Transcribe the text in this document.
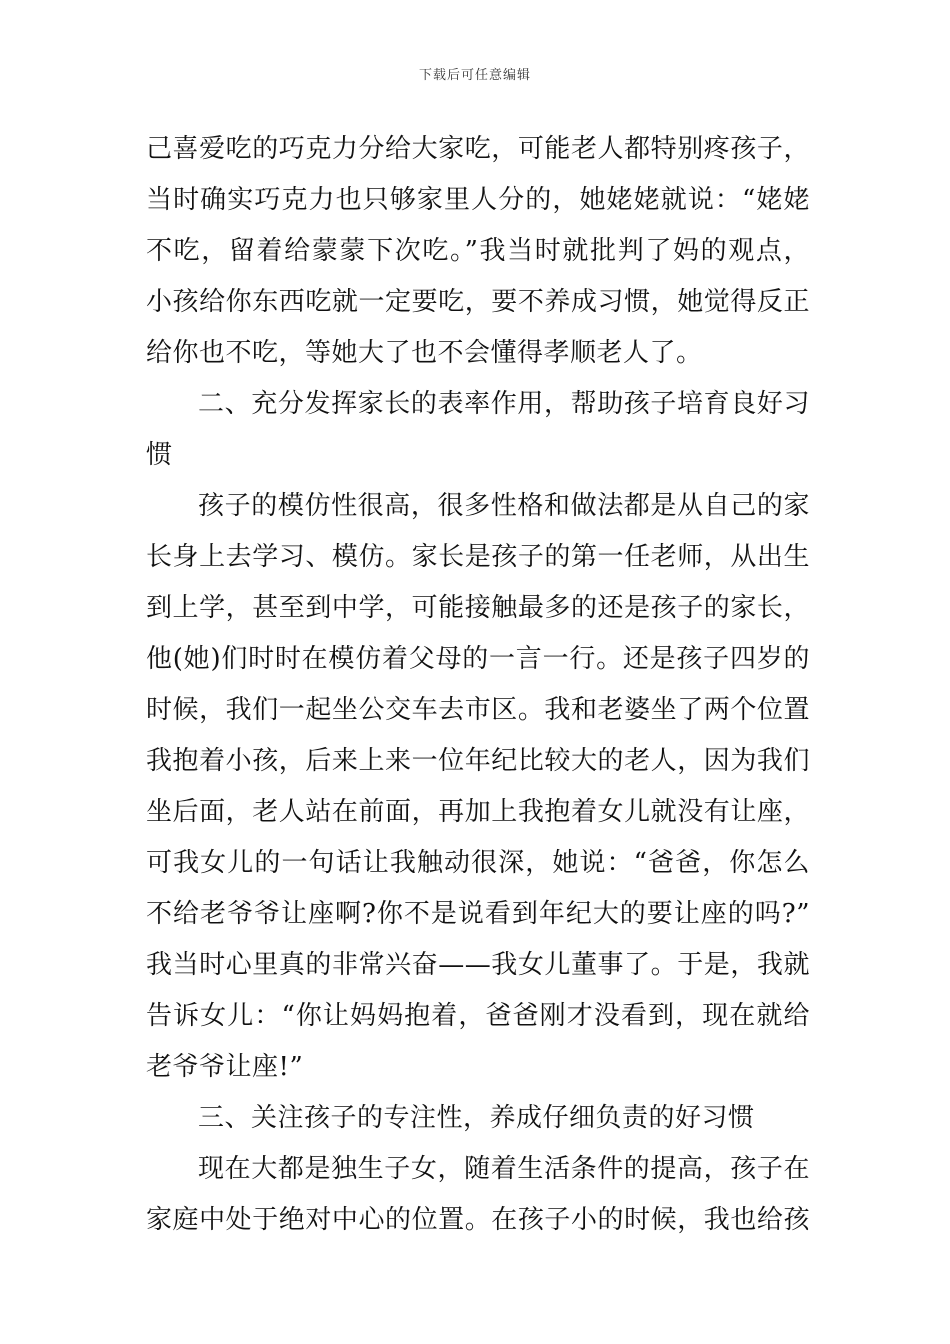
下载后可任意编辑
己喜爱吃的巧克力分给大家吃，可能老人都特别疼孩子，
当时确实巧克力也只够家里人分的，她姥姥就说：“姥姥
不吃，留着给蒙蒙下次吃。”我当时就批判了妈的观点，
小孩给你东西吃就一定要吃，要不养成习惯，她觉得反正
给你也不吃，等她大了也不会懂得孝顺老人了。
二、充分发挥家长的表率作用，帮助孩子培育良好习
惯
孩子的模仿性很高，很多性格和做法都是从自己的家
长身上去学习、模仿。家长是孩子的第一任老师，从出生
到上学，甚至到中学，可能接触最多的还是孩子的家长，
他(她)们时时在模仿着父母的一言一行。还是孩子四岁的
时候，我们一起坐公交车去市区。我和老婆坐了两个位置
我抱着小孩，后来上来一位年纪比较大的老人，因为我们
坐后面，老人站在前面，再加上我抱着女儿就没有让座，
可我女儿的一句话让我触动很深，她说：“爸爸，你怎么
不给老爷爷让座啊?你不是说看到年纪大的要让座的吗?”
我当时心里真的非常兴奋——我女儿董事了。于是，我就
告诉女儿：“你让妈妈抱着，爸爸刚才没看到，现在就给
老爷爷让座!”
三、关注孩子的专注性，养成仔细负责的好习惯
现在大都是独生子女，随着生活条件的提高，孩子在
家庭中处于绝对中心的位置。在孩子小的时候，我也给孩
